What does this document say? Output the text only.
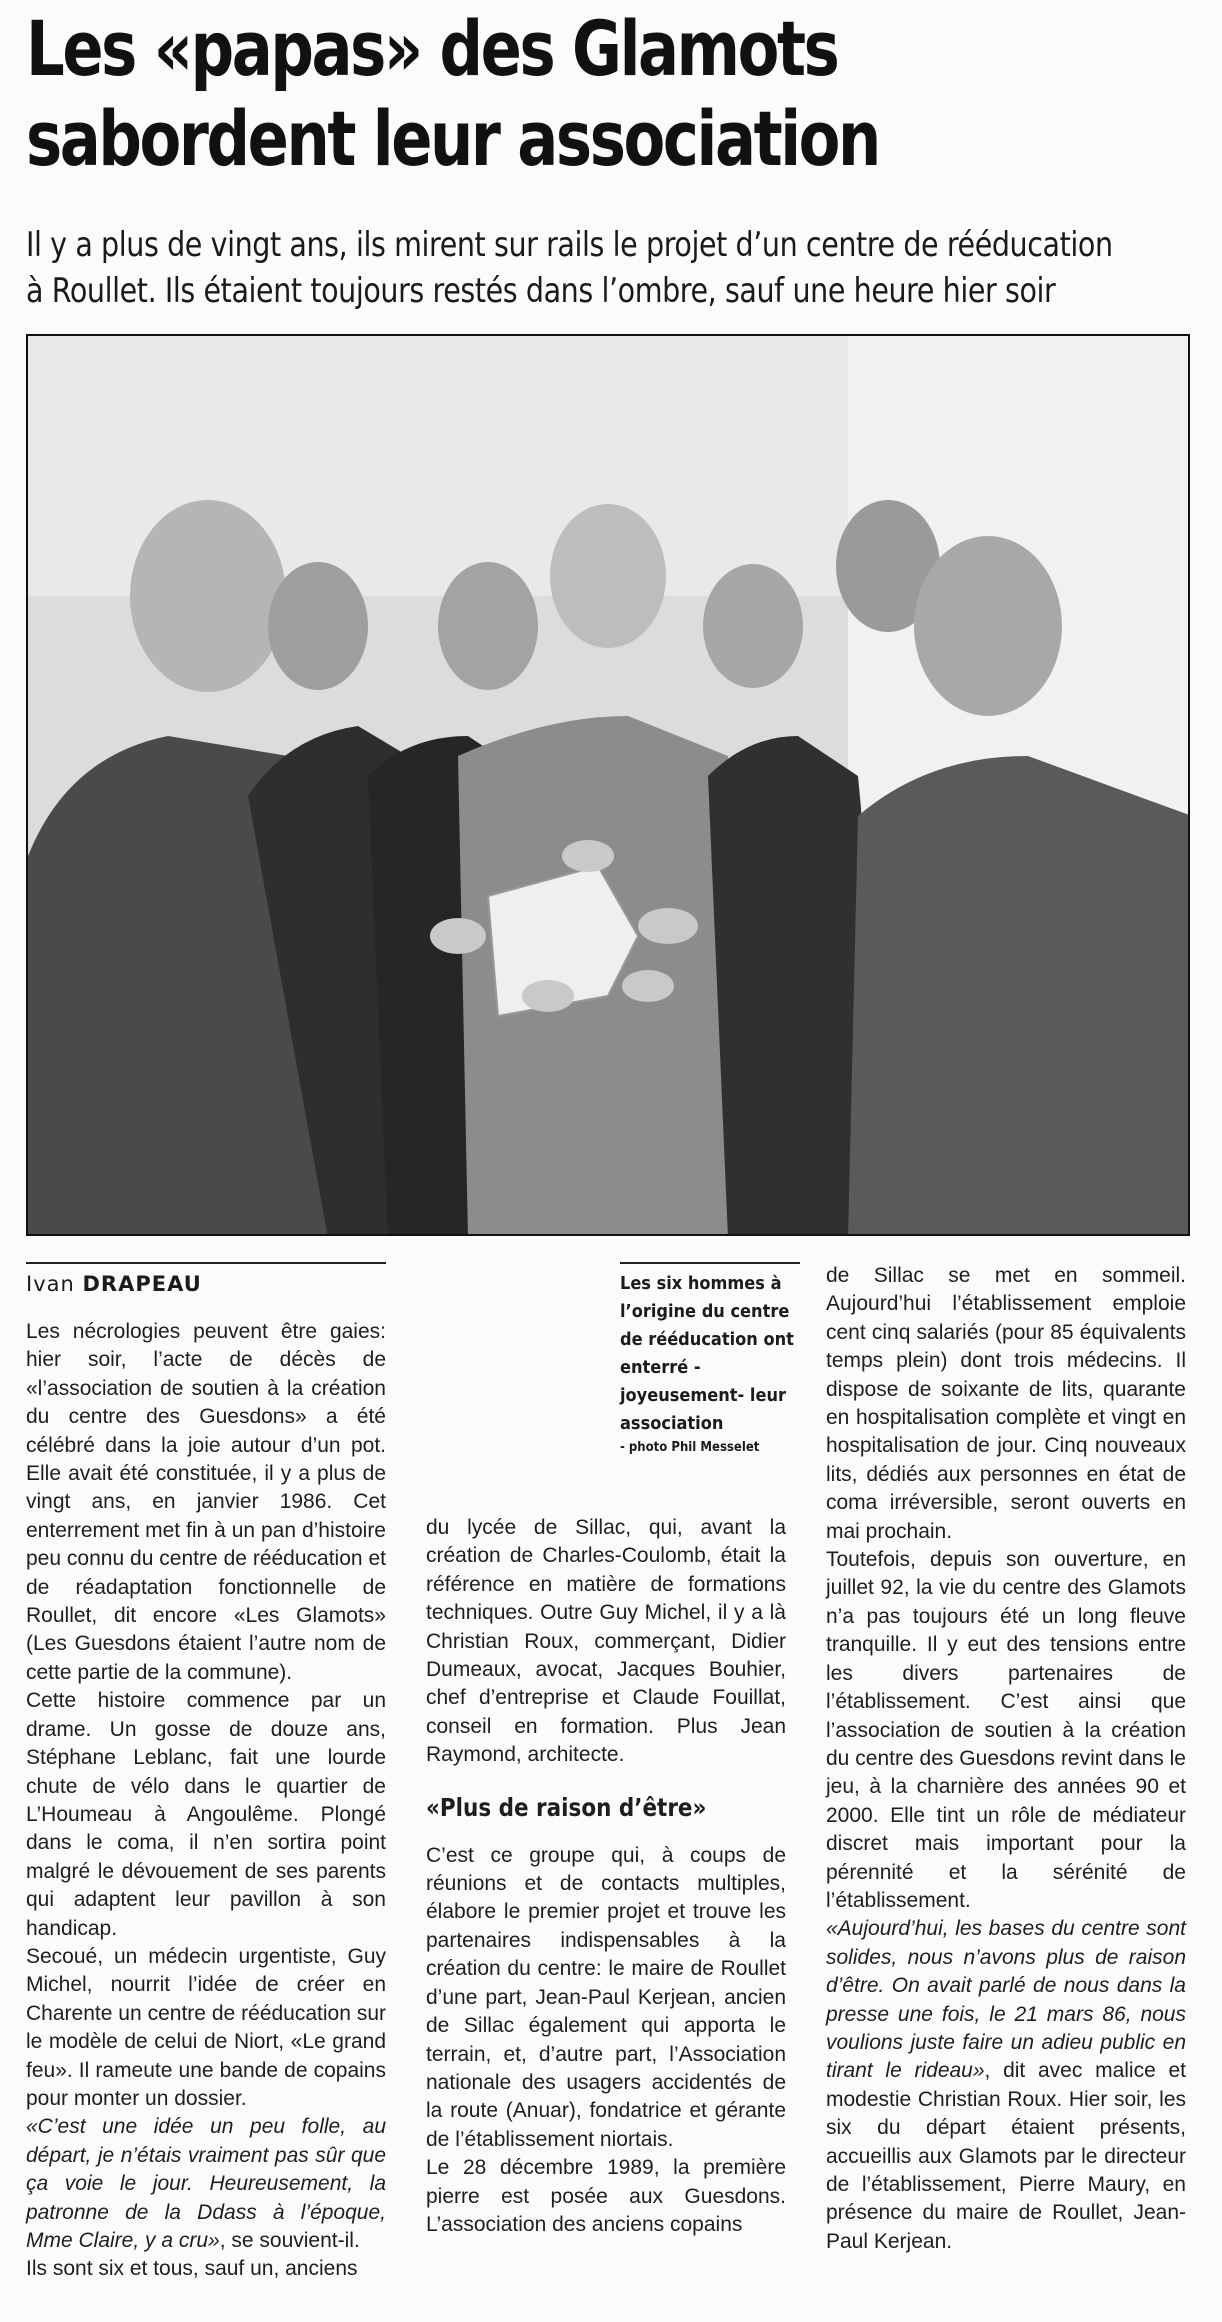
Les «papas» des Glamots
sabordent leur association

Il y a plus de vingt ans, ils mirent sur rails le projet d’un centre de rééducation
à Roullet. Ils étaient toujours restés dans l’ombre, sauf une heure hier soir

Ivan DRAPEAU	Les six hommes à l’origine du centre de rééducation ont enterré - joyeusement- leur association
- photo Phil Messelet

Les nécrologies peuvent être gaies: hier soir, l’acte de décès de «l’association de soutien à la création du centre des Guesdons» a été célébré dans la joie autour d’un pot. Elle avait été constituée, il y a plus de vingt ans, en janvier 1986. Cet enterrement met fin à un pan d’histoire peu connu du centre de rééducation et de réadaptation fonctionnelle de Roullet, dit encore «Les Glamots» (Les Guesdons étaient l’autre nom de cette partie de la commune).

Cette histoire commence par un drame. Un gosse de douze ans, Stéphane Leblanc, fait une lourde chute de vélo dans le quartier de L’Houmeau à Angoulême. Plongé dans le coma, il n’en sortira point malgré le dévouement de ses parents qui adaptent leur pavillon à son handicap.

Secoué, un médecin urgentiste, Guy Michel, nourrit l’idée de créer en Charente un centre de rééducation sur le modèle de celui de Niort, «Le grand feu». Il rameute une bande de copains pour monter un dossier.

«C’est une idée un peu folle, au départ, je n’étais vraiment pas sûr que ça voie le jour. Heureusement, la patronne de la Ddass à l’époque, Mme Claire, y a cru», se souvient-il.

Ils sont six et tous, sauf un, anciens

du lycée de Sillac, qui, avant la création de Charles-Coulomb, était la référence en matière de formations techniques. Outre Guy Michel, il y a là Christian Roux, commerçant, Didier Dumeaux, avocat, Jacques Bouhier, chef d’entreprise et Claude Fouillat, conseil en formation. Plus Jean Raymond, architecte.

«Plus de raison d’être»

C’est ce groupe qui, à coups de réunions et de contacts multiples, élabore le premier projet et trouve les partenaires indispensables à la création du centre: le maire de Roullet d’une part, Jean-Paul Kerjean, ancien de Sillac également qui apporta le terrain, et, d’autre part, l’Association nationale des usagers accidentés de la route (Anuar), fondatrice et gérante de l’établissement niortais.

Le 28 décembre 1989, la première pierre est posée aux Guesdons. L’association des anciens copains

de Sillac se met en sommeil. Aujourd’hui l’établissement emploie cent cinq salariés (pour 85 équivalents temps plein) dont trois médecins. Il dispose de soixante de lits, quarante en hospitalisation complète et vingt en hospitalisation de jour. Cinq nouveaux lits, dédiés aux personnes en état de coma irréversible, seront ouverts en mai prochain.

Toutefois, depuis son ouverture, en juillet 92, la vie du centre des Glamots n’a pas toujours été un long fleuve tranquille. Il y eut des tensions entre les divers partenaires de l’établissement. C’est ainsi que l’association de soutien à la création du centre des Guesdons revint dans le jeu, à la charnière des années 90 et 2000. Elle tint un rôle de médiateur discret mais important pour la pérennité et la sérénité de l’établissement.

«Aujourd’hui, les bases du centre sont solides, nous n’avons plus de raison d’être. On avait parlé de nous dans la presse une fois, le 21 mars 86, nous voulions juste faire un adieu public en tirant le rideau», dit avec malice et modestie Christian Roux. Hier soir, les six du départ étaient présents, accueillis aux Glamots par le directeur de l’établissement, Pierre Maury, en présence du maire de Roullet, Jean-Paul Kerjean.
